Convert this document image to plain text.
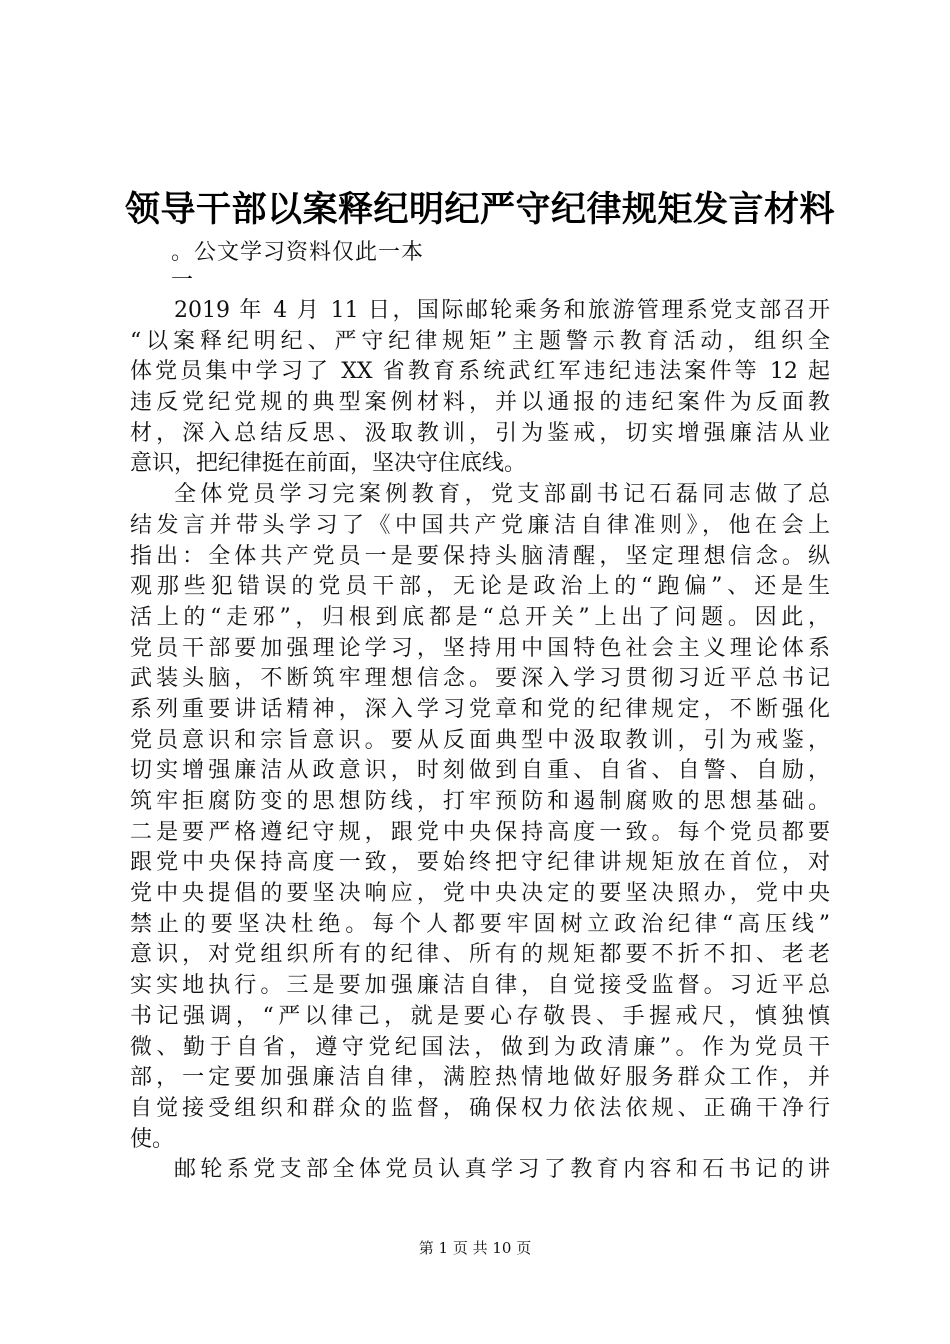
领导干部以案释纪明纪严守纪律规矩发言材料
。公文学习资料仅此一本
一
2019 年 4 月 11 日，国际邮轮乘务和旅游管理系党支部召开
“以案释纪明纪、严守纪律规矩”主题警示教育活动，组织全
体党员集中学习了 XX 省教育系统武红军违纪违法案件等 12 起
违反党纪党规的典型案例材料，并以通报的违纪案件为反面教
材，深入总结反思、汲取教训，引为鉴戒，切实增强廉洁从业
意识，把纪律挺在前面，坚决守住底线。
全体党员学习完案例教育，党支部副书记石磊同志做了总
结发言并带头学习了《中国共产党廉洁自律准则》，他在会上
指出：全体共产党员一是要保持头脑清醒，坚定理想信念。纵
观那些犯错误的党员干部，无论是政治上的“跑偏”、还是生
活上的“走邪”，归根到底都是“总开关”上出了问题。因此，
党员干部要加强理论学习，坚持用中国特色社会主义理论体系
武装头脑，不断筑牢理想信念。要深入学习贯彻习近平总书记
系列重要讲话精神，深入学习党章和党的纪律规定，不断强化
党员意识和宗旨意识。要从反面典型中汲取教训，引为戒鉴，
切实增强廉洁从政意识，时刻做到自重、自省、自警、自励，
筑牢拒腐防变的思想防线，打牢预防和遏制腐败的思想基础。
二是要严格遵纪守规，跟党中央保持高度一致。每个党员都要
跟党中央保持高度一致，要始终把守纪律讲规矩放在首位，对
党中央提倡的要坚决响应，党中央决定的要坚决照办，党中央
禁止的要坚决杜绝。每个人都要牢固树立政治纪律“高压线”
意识，对党组织所有的纪律、所有的规矩都要不折不扣、老老
实实地执行。三是要加强廉洁自律，自觉接受监督。习近平总
书记强调，“严以律己，就是要心存敬畏、手握戒尺，慎独慎
微、勤于自省，遵守党纪国法，做到为政清廉”。作为党员干
部，一定要加强廉洁自律，满腔热情地做好服务群众工作，并
自觉接受组织和群众的监督，确保权力依法依规、正确干净行
使。
邮轮系党支部全体党员认真学习了教育内容和石书记的讲
第 1 页 共 10 页
